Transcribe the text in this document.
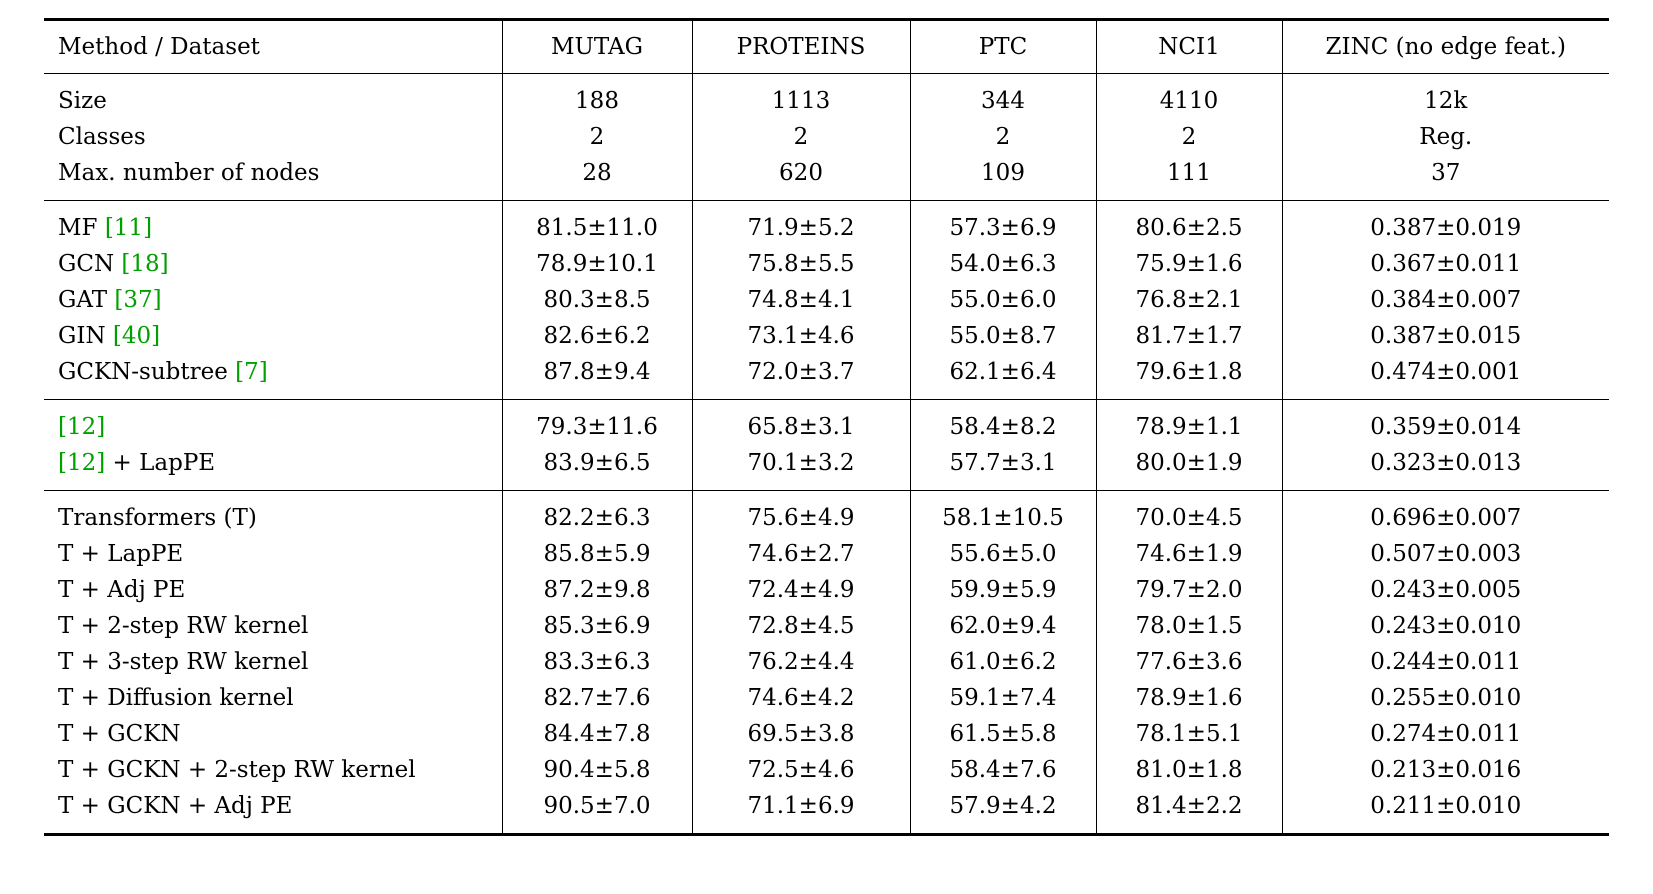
Method / Dataset	MUTAG	PROTEINS	PTC	NCI1	ZINC (no edge feat.)
Size	188	1113	344	4110	12k
Classes	2	2	2	2	Reg.
Max. number of nodes	28	620	109	111	37
MF [11]	81.5±11.0	71.9±5.2	57.3±6.9	80.6±2.5	0.387±0.019
GCN [18]	78.9±10.1	75.8±5.5	54.0±6.3	75.9±1.6	0.367±0.011
GAT [37]	80.3±8.5	74.8±4.1	55.0±6.0	76.8±2.1	0.384±0.007
GIN [40]	82.6±6.2	73.1±4.6	55.0±8.7	81.7±1.7	0.387±0.015
GCKN-subtree [7]	87.8±9.4	72.0±3.7	62.1±6.4	79.6±1.8	0.474±0.001
[12]	79.3±11.6	65.8±3.1	58.4±8.2	78.9±1.1	0.359±0.014
[12] + LapPE	83.9±6.5	70.1±3.2	57.7±3.1	80.0±1.9	0.323±0.013
Transformers (T)	82.2±6.3	75.6±4.9	58.1±10.5	70.0±4.5	0.696±0.007
T + LapPE	85.8±5.9	74.6±2.7	55.6±5.0	74.6±1.9	0.507±0.003
T + Adj PE	87.2±9.8	72.4±4.9	59.9±5.9	79.7±2.0	0.243±0.005
T + 2-step RW kernel	85.3±6.9	72.8±4.5	62.0±9.4	78.0±1.5	0.243±0.010
T + 3-step RW kernel	83.3±6.3	76.2±4.4	61.0±6.2	77.6±3.6	0.244±0.011
T + Diffusion kernel	82.7±7.6	74.6±4.2	59.1±7.4	78.9±1.6	0.255±0.010
T + GCKN	84.4±7.8	69.5±3.8	61.5±5.8	78.1±5.1	0.274±0.011
T + GCKN + 2-step RW kernel	90.4±5.8	72.5±4.6	58.4±7.6	81.0±1.8	0.213±0.016
T + GCKN + Adj PE	90.5±7.0	71.1±6.9	57.9±4.2	81.4±2.2	0.211±0.010
